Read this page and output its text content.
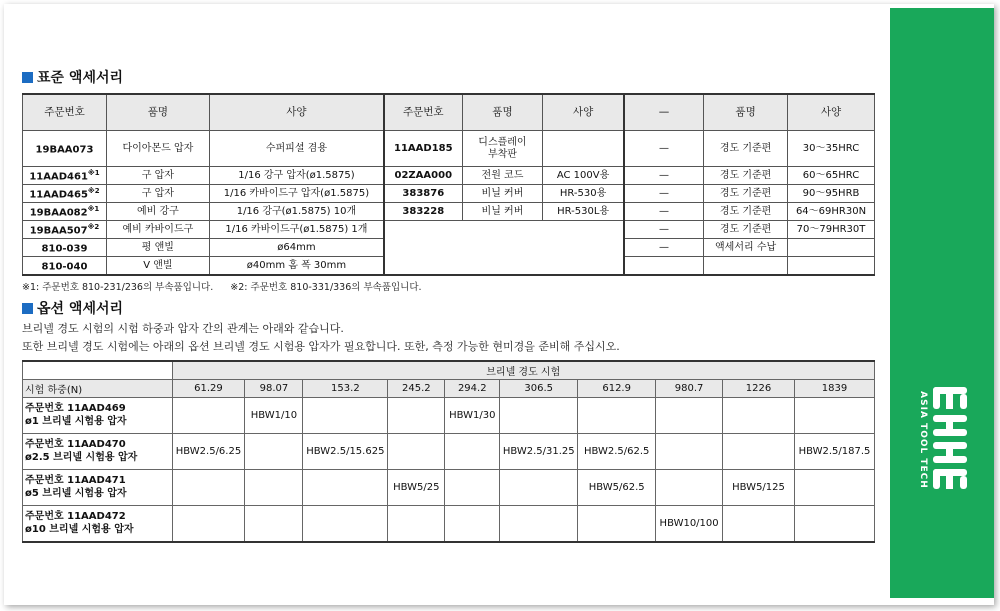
표준 액세서리
주문번호	품명	사양	주문번호	품명	사양	—	품명	사양
19BAA073	다이아몬드 압자	수퍼피셜 겸용	11AAD185	디스플레이
부착판		—	경도 기준편	30～35HRC
11AAD461$^{※1}$	구 압자	1/16 강구 압자(ø1.5875)	02ZAA000	전원 코드	AC 100V용	—	경도 기준편	60～65HRC
11AAD465$^{※2}$	구 압자	1/16 카바이드구 압자(ø1.5875)	383876	비닐 커버	HR-530용	—	경도 기준편	90～95HRB
19BAA082$^{※1}$	예비 강구	1/16 강구(ø1.5875) 10개	383228	비닐 커버	HR-530L용	—	경도 기준편	64～69HR30N
19BAA507$^{※2}$	예비 카바이드구	1/16 카바이드구(ø1.5875) 1개				—	경도 기준편	70～79HR30T
810-039	평 앤빌	ø64mm				—	액세서리 수납	
810-040	V 앤빌	ø40mm 홈 폭 30mm						
※1: 주문번호 810-231/236의 부속품입니다. ※2: 주문번호 810-331/336의 부속품입니다.
옵션 액세서리
브리넬 경도 시험의 시험 하중과 압자 간의 관계는 아래와 같습니다.
또한 브리넬 경도 시험에는 아래의 옵션 브리넬 경도 시험용 압자가 필요합니다. 또한, 측정 가능한 현미경을 준비해 주십시오.
	브리넬 경도 시험									
시험 하중(N)	61.29	98.07	153.2	245.2	294.2	306.5	612.9	980.7	1226	1839

주문번호 11AAD469
ø1 브리넬 시험용 압자		HBW1/10			HBW1/30					

주문번호 11AAD470
ø2.5 브리넬 시험용 압자	HBW2.5/6.25		HBW2.5/15.625			HBW2.5/31.25	HBW2.5/62.5			HBW2.5/187.5

주문번호 11AAD471
ø5 브리넬 시험용 압자				HBW5/25			HBW5/62.5		HBW5/125	

주문번호 11AAD472
ø10 브리넬 시험용 압자								HBW10/100		
ASIA TOOL TECH
